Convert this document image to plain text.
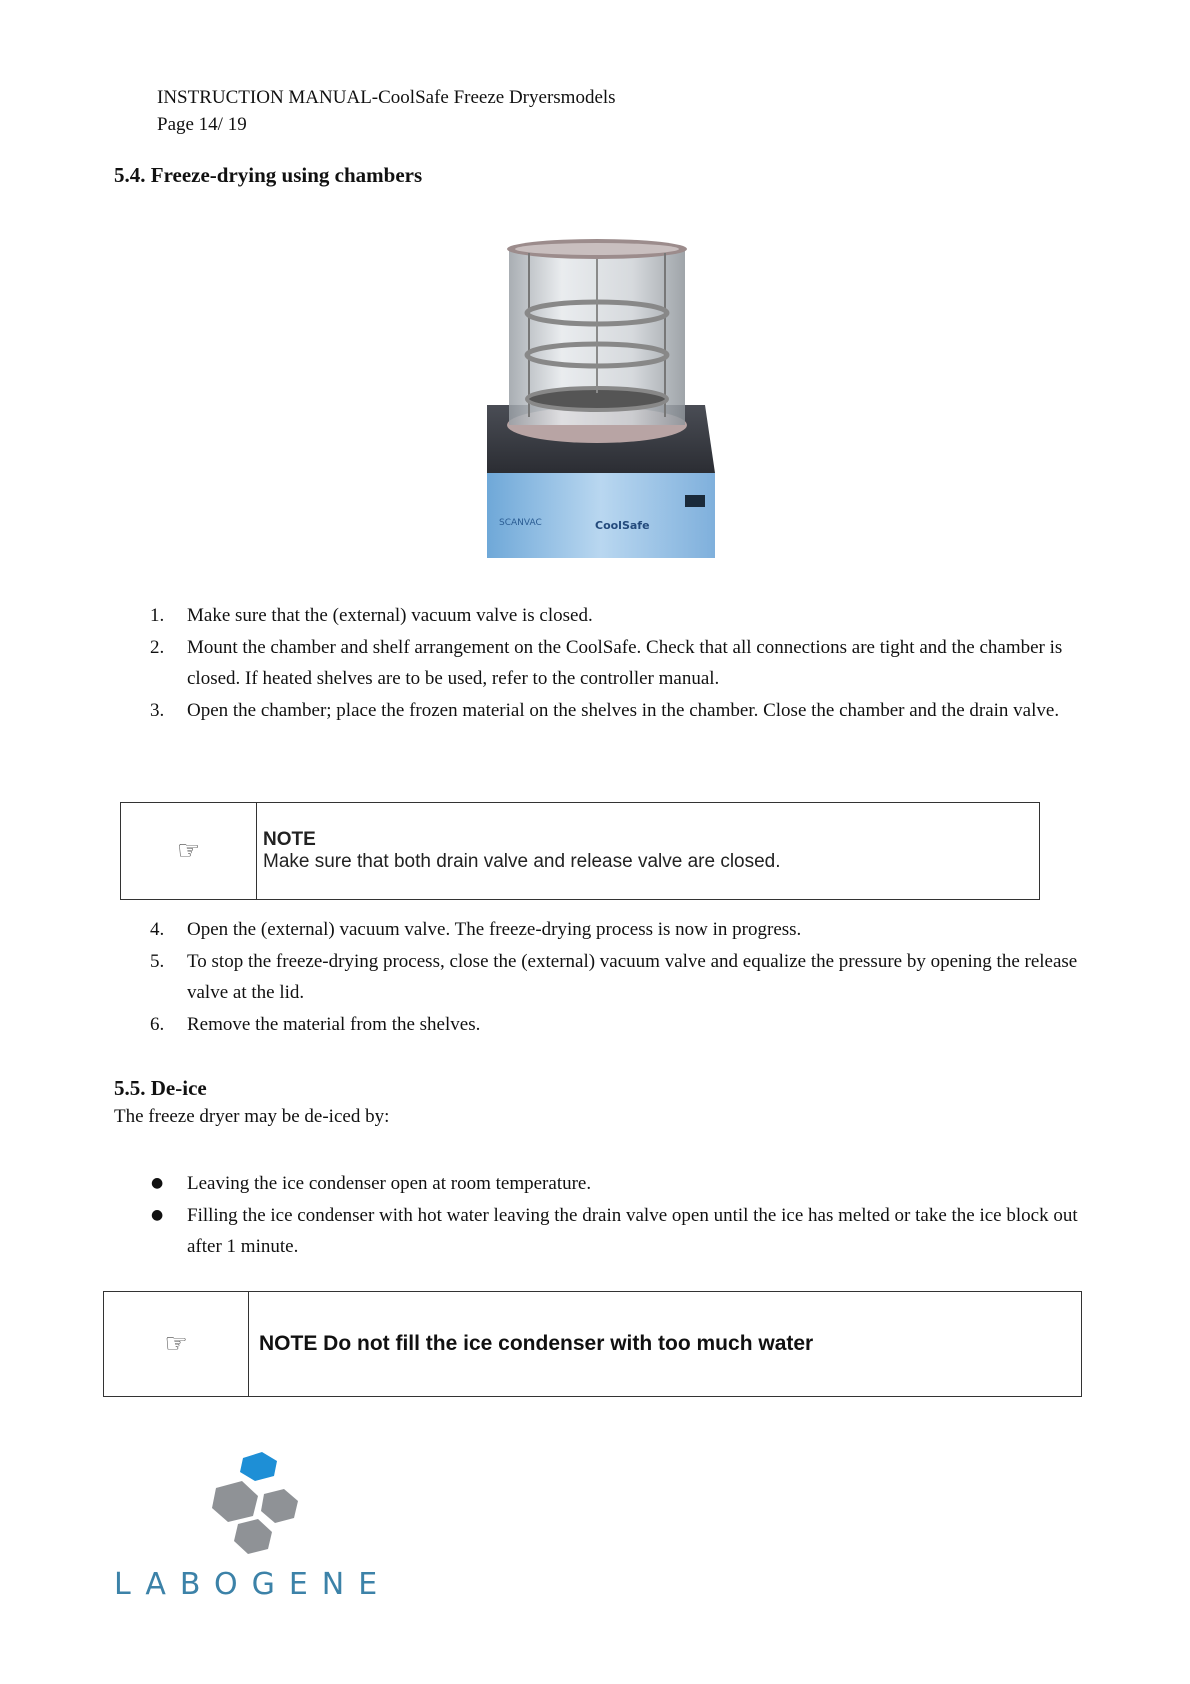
INSTRUCTION MANUAL-CoolSafe Freeze Dryersmodels
Page 14/ 19
5.4. Freeze-drying using chambers
SCANVAC	CoolSafe
1. Make sure that the (external) vacuum valve is closed.
2. Mount the chamber and shelf arrangement on the CoolSafe. Check that all connections are tight and the chamber is closed. If heated shelves are to be used, refer to the controller manual.
3. Open the chamber; place the frozen material on the shelves in the chamber. Close the chamber and the drain valve.
☞	NOTE
Make sure that both drain valve and release valve are closed.
4. Open the (external) vacuum valve. The freeze-drying process is now in progress.
5. To stop the freeze-drying process, close the (external) vacuum valve and equalize the pressure by opening the release valve at the lid.
6. Remove the material from the shelves.
5.5. De-ice
The freeze dryer may be de-iced by:
● Leaving the ice condenser open at room temperature.
● Filling the ice condenser with hot water leaving the drain valve open until the ice has melted or take the ice block out after 1 minute.
☞	NOTE Do not fill the ice condenser with too much water
LABOGENE
